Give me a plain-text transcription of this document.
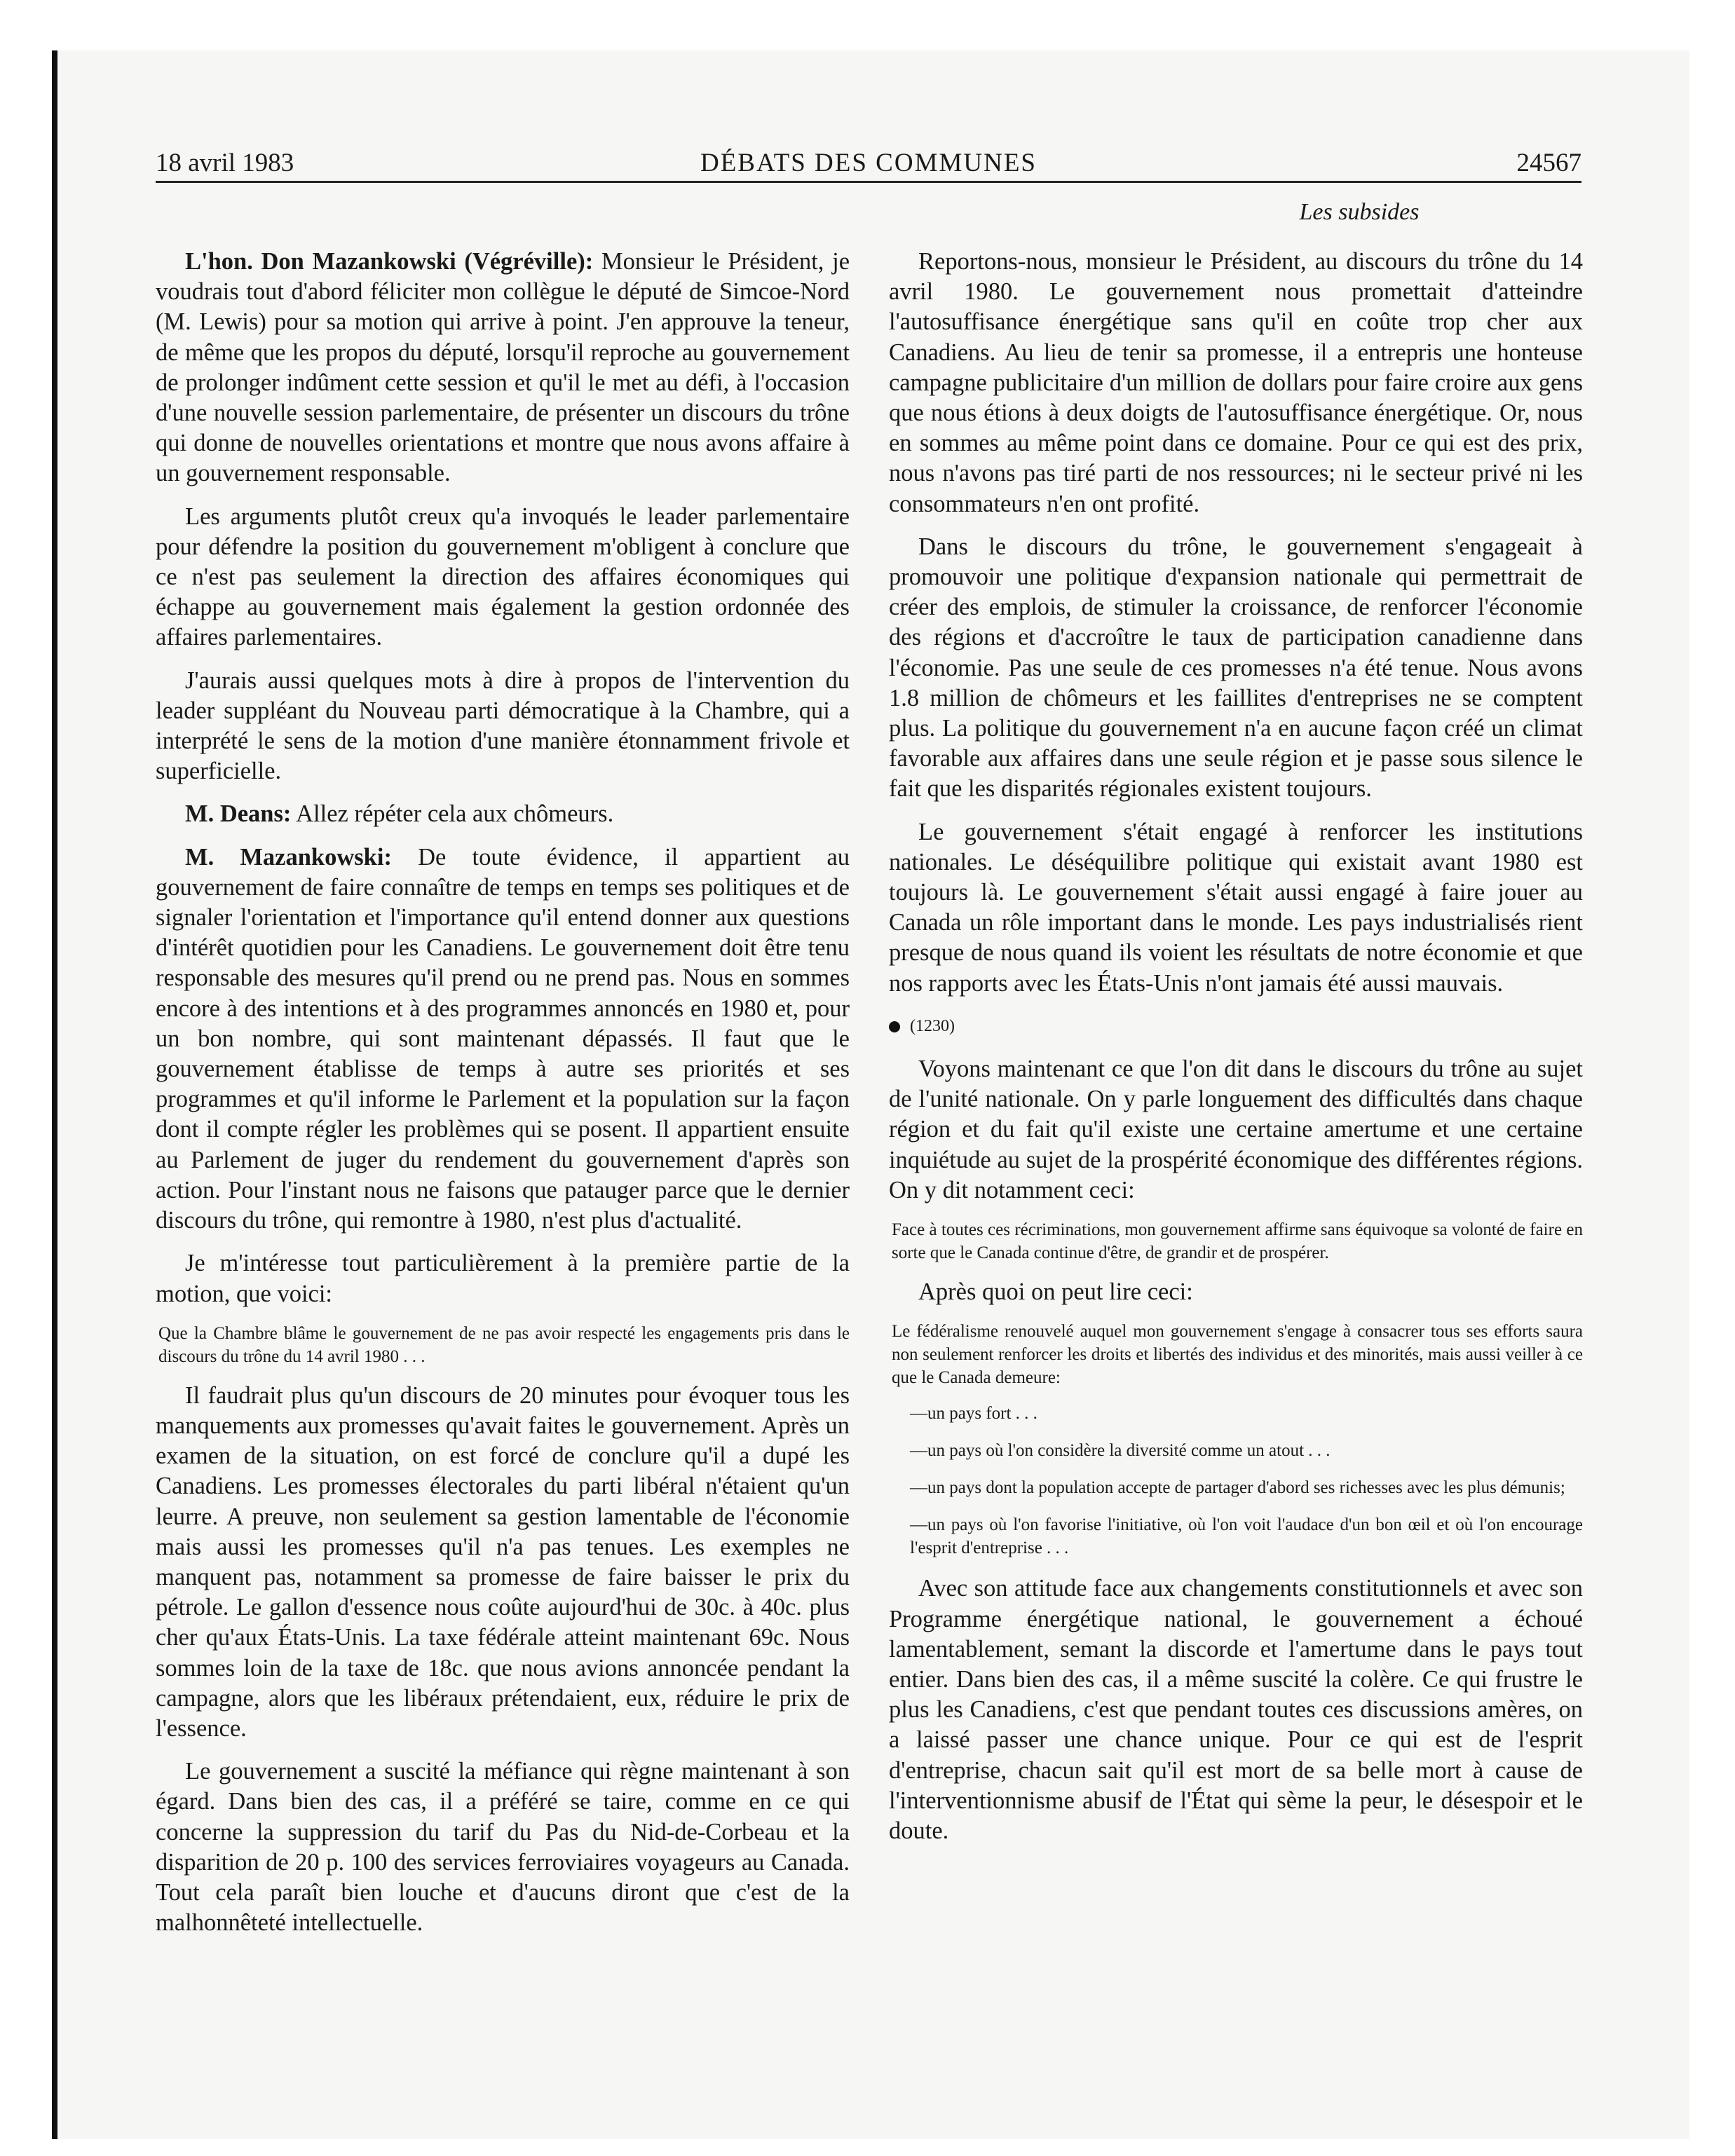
18 avril 1983	DÉBATS DES COMMUNES	24567
Les subsides

L'hon. Don Mazankowski (Végréville): Monsieur le Président, je voudrais tout d'abord féliciter mon collègue le député de Simcoe-Nord (M. Lewis) pour sa motion qui arrive à point. J'en approuve la teneur, de même que les propos du député, lorsqu'il reproche au gouvernement de prolonger indûment cette session et qu'il le met au défi, à l'occasion d'une nouvelle session parlementaire, de présenter un discours du trône qui donne de nouvelles orientations et montre que nous avons affaire à un gouvernement responsable.

Les arguments plutôt creux qu'a invoqués le leader parlementaire pour défendre la position du gouvernement m'obligent à conclure que ce n'est pas seulement la direction des affaires économiques qui échappe au gouvernement mais également la gestion ordonnée des affaires parlementaires.

J'aurais aussi quelques mots à dire à propos de l'intervention du leader suppléant du Nouveau parti démocratique à la Chambre, qui a interprété le sens de la motion d'une manière étonnamment frivole et superficielle.

M. Deans: Allez répéter cela aux chômeurs.

M. Mazankowski: De toute évidence, il appartient au gouvernement de faire connaître de temps en temps ses politiques et de signaler l'orientation et l'importance qu'il entend donner aux questions d'intérêt quotidien pour les Canadiens. Le gouvernement doit être tenu responsable des mesures qu'il prend ou ne prend pas. Nous en sommes encore à des intentions et à des programmes annoncés en 1980 et, pour un bon nombre, qui sont maintenant dépassés. Il faut que le gouvernement établisse de temps à autre ses priorités et ses programmes et qu'il informe le Parlement et la population sur la façon dont il compte régler les problèmes qui se posent. Il appartient ensuite au Parlement de juger du rendement du gouvernement d'après son action. Pour l'instant nous ne faisons que patauger parce que le dernier discours du trône, qui remontre à 1980, n'est plus d'actualité.

Je m'intéresse tout particulièrement à la première partie de la motion, que voici:

Que la Chambre blâme le gouvernement de ne pas avoir respecté les engagements pris dans le discours du trône du 14 avril 1980 . . .

Il faudrait plus qu'un discours de 20 minutes pour évoquer tous les manquements aux promesses qu'avait faites le gouvernement. Après un examen de la situation, on est forcé de conclure qu'il a dupé les Canadiens. Les promesses électorales du parti libéral n'étaient qu'un leurre. A preuve, non seulement sa gestion lamentable de l'économie mais aussi les promesses qu'il n'a pas tenues. Les exemples ne manquent pas, notamment sa promesse de faire baisser le prix du pétrole. Le gallon d'essence nous coûte aujourd'hui de 30c. à 40c. plus cher qu'aux États-Unis. La taxe fédérale atteint maintenant 69c. Nous sommes loin de la taxe de 18c. que nous avions annoncée pendant la campagne, alors que les libéraux prétendaient, eux, réduire le prix de l'essence.

Le gouvernement a suscité la méfiance qui règne maintenant à son égard. Dans bien des cas, il a préféré se taire, comme en ce qui concerne la suppression du tarif du Pas du Nid-de-Corbeau et la disparition de 20 p. 100 des services ferroviaires voyageurs au Canada. Tout cela paraît bien louche et d'aucuns diront que c'est de la malhonnêteté intellectuelle.

Reportons-nous, monsieur le Président, au discours du trône du 14 avril 1980. Le gouvernement nous promettait d'atteindre l'autosuffisance énergétique sans qu'il en coûte trop cher aux Canadiens. Au lieu de tenir sa promesse, il a entrepris une honteuse campagne publicitaire d'un million de dollars pour faire croire aux gens que nous étions à deux doigts de l'autosuffisance énergétique. Or, nous en sommes au même point dans ce domaine. Pour ce qui est des prix, nous n'avons pas tiré parti de nos ressources; ni le secteur privé ni les consommateurs n'en ont profité.

Dans le discours du trône, le gouvernement s'engageait à promouvoir une politique d'expansion nationale qui permettrait de créer des emplois, de stimuler la croissance, de renforcer l'économie des régions et d'accroître le taux de participation canadienne dans l'économie. Pas une seule de ces promesses n'a été tenue. Nous avons 1.8 million de chômeurs et les faillites d'entreprises ne se comptent plus. La politique du gouvernement n'a en aucune façon créé un climat favorable aux affaires dans une seule région et je passe sous silence le fait que les disparités régionales existent toujours.

Le gouvernement s'était engagé à renforcer les institutions nationales. Le déséquilibre politique qui existait avant 1980 est toujours là. Le gouvernement s'était aussi engagé à faire jouer au Canada un rôle important dans le monde. Les pays industrialisés rient presque de nous quand ils voient les résultats de notre économie et que nos rapports avec les États-Unis n'ont jamais été aussi mauvais.

(1230)

Voyons maintenant ce que l'on dit dans le discours du trône au sujet de l'unité nationale. On y parle longuement des difficultés dans chaque région et du fait qu'il existe une certaine amertume et une certaine inquiétude au sujet de la prospérité économique des différentes régions. On y dit notamment ceci:

Face à toutes ces récriminations, mon gouvernement affirme sans équivoque sa volonté de faire en sorte que le Canada continue d'être, de grandir et de prospérer.

Après quoi on peut lire ceci:

Le fédéralisme renouvelé auquel mon gouvernement s'engage à consacrer tous ses efforts saura non seulement renforcer les droits et libertés des individus et des minorités, mais aussi veiller à ce que le Canada demeure:

—un pays fort . . .

—un pays où l'on considère la diversité comme un atout . . .

—un pays dont la population accepte de partager d'abord ses richesses avec les plus démunis;

—un pays où l'on favorise l'initiative, où l'on voit l'audace d'un bon œil et où l'on encourage l'esprit d'entreprise . . .

Avec son attitude face aux changements constitutionnels et avec son Programme énergétique national, le gouvernement a échoué lamentablement, semant la discorde et l'amertume dans le pays tout entier. Dans bien des cas, il a même suscité la colère. Ce qui frustre le plus les Canadiens, c'est que pendant toutes ces discussions amères, on a laissé passer une chance unique. Pour ce qui est de l'esprit d'entreprise, chacun sait qu'il est mort de sa belle mort à cause de l'interventionnisme abusif de l'État qui sème la peur, le désespoir et le doute.
